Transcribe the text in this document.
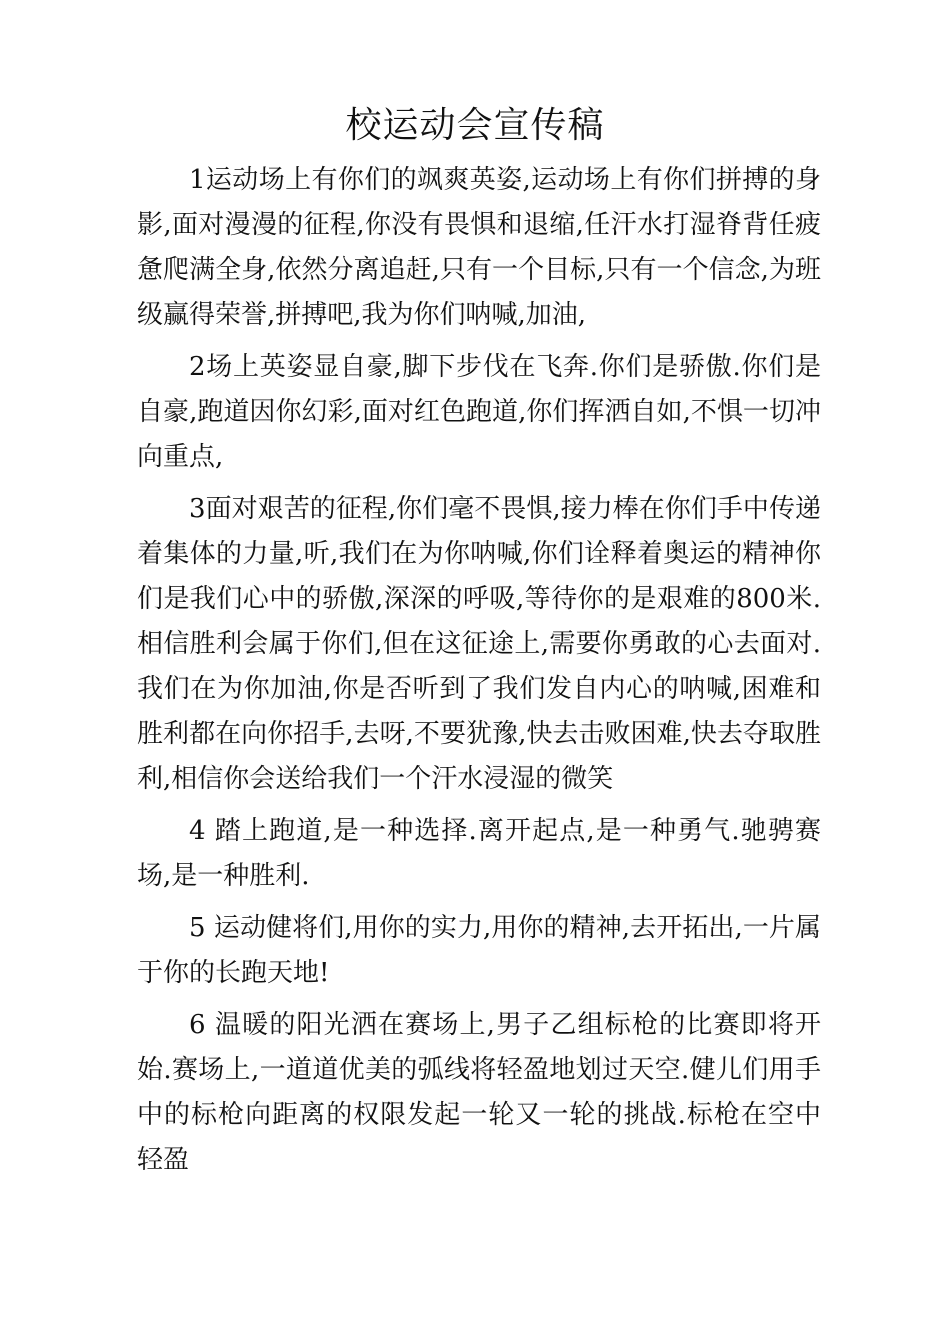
校运动会宣传稿

1运动场上有你们的飒爽英姿,运动场上有你们拼搏的身影,面对漫漫的征程,你没有畏惧和退缩,任汗水打湿脊背任疲惫爬满全身,依然分离追赶,只有一个目标,只有一个信念,为班级赢得荣誉,拼搏吧,我为你们呐喊,加油,

2场上英姿显自豪,脚下步伐在飞奔.你们是骄傲.你们是自豪,跑道因你幻彩,面对红色跑道,你们挥洒自如,不惧一切冲向重点,

3面对艰苦的征程,你们毫不畏惧,接力棒在你们手中传递着集体的力量,听,我们在为你呐喊,你们诠释着奥运的精神你们是我们心中的骄傲,深深的呼吸,等待你的是艰难的800米.相信胜利会属于你们,但在这征途上,需要你勇敢的心去面对.我们在为你加油,你是否听到了我们发自内心的呐喊,困难和胜利都在向你招手,去呀,不要犹豫,快去击败困难,快去夺取胜利,相信你会送给我们一个汗水浸湿的微笑

4 踏上跑道,是一种选择.离开起点,是一种勇气.驰骋赛场,是一种胜利.

5 运动健将们,用你的实力,用你的精神,去开拓出,一片属于你的长跑天地!

6 温暖的阳光洒在赛场上,男子乙组标枪的比赛即将开始.赛场上,一道道优美的弧线将轻盈地划过天空.健儿们用手中的标枪向距离的权限发起一轮又一轮的挑战.标枪在空中轻盈
